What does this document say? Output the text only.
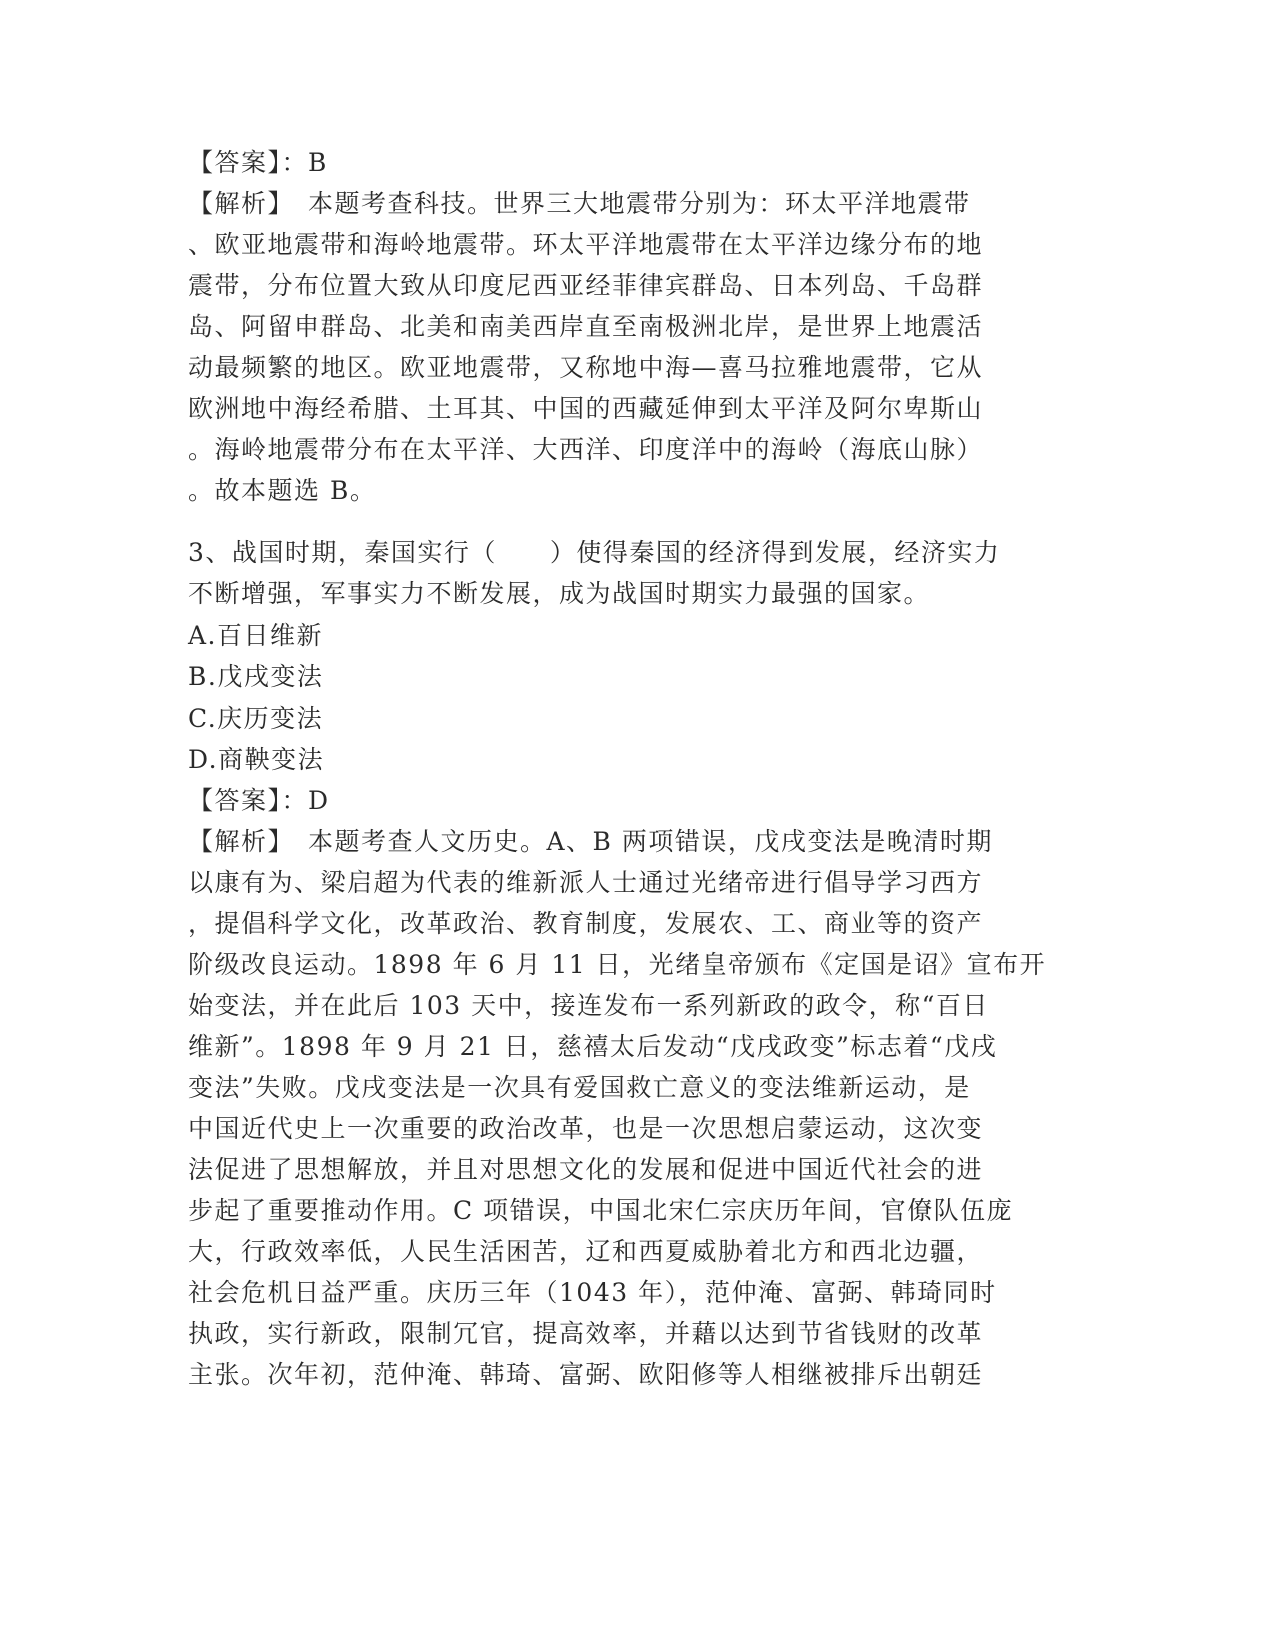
【答案】：B
【解析】　本题考查科技。世界三大地震带分别为：环太平洋地震带
、欧亚地震带和海岭地震带。环太平洋地震带在太平洋边缘分布的地
震带，分布位置大致从印度尼西亚经菲律宾群岛、日本列岛、千岛群
岛、阿留申群岛、北美和南美西岸直至南极洲北岸，是世界上地震活
动最频繁的地区。欧亚地震带，又称地中海—喜马拉雅地震带，它从
欧洲地中海经希腊、土耳其、中国的西藏延伸到太平洋及阿尔卑斯山
。海岭地震带分布在太平洋、大西洋、印度洋中的海岭（海底山脉）
。故本题选 B。
3、战国时期，秦国实行（　　）使得秦国的经济得到发展，经济实力
不断增强，军事实力不断发展，成为战国时期实力最强的国家。
A.百日维新
B.戊戌变法
C.庆历变法
D.商鞅变法
【答案】：D
【解析】　本题考查人文历史。A、B 两项错误，戊戌变法是晚清时期
以康有为、梁启超为代表的维新派人士通过光绪帝进行倡导学习西方
，提倡科学文化，改革政治、教育制度，发展农、工、商业等的资产
阶级改良运动。1898 年 6 月 11 日，光绪皇帝颁布《定国是诏》宣布开
始变法，并在此后 103 天中，接连发布一系列新政的政令，称“百日
维新”。1898 年 9 月 21 日，慈禧太后发动“戊戌政变”标志着“戊戌
变法”失败。戊戌变法是一次具有爱国救亡意义的变法维新运动，是
中国近代史上一次重要的政治改革，也是一次思想启蒙运动，这次变
法促进了思想解放，并且对思想文化的发展和促进中国近代社会的进
步起了重要推动作用。C 项错误，中国北宋仁宗庆历年间，官僚队伍庞
大，行政效率低，人民生活困苦，辽和西夏威胁着北方和西北边疆，
社会危机日益严重。庆历三年（1043 年），范仲淹、富弼、韩琦同时
执政，实行新政，限制冗官，提高效率，并藉以达到节省钱财的改革
主张。次年初，范仲淹、韩琦、富弼、欧阳修等人相继被排斥出朝廷
